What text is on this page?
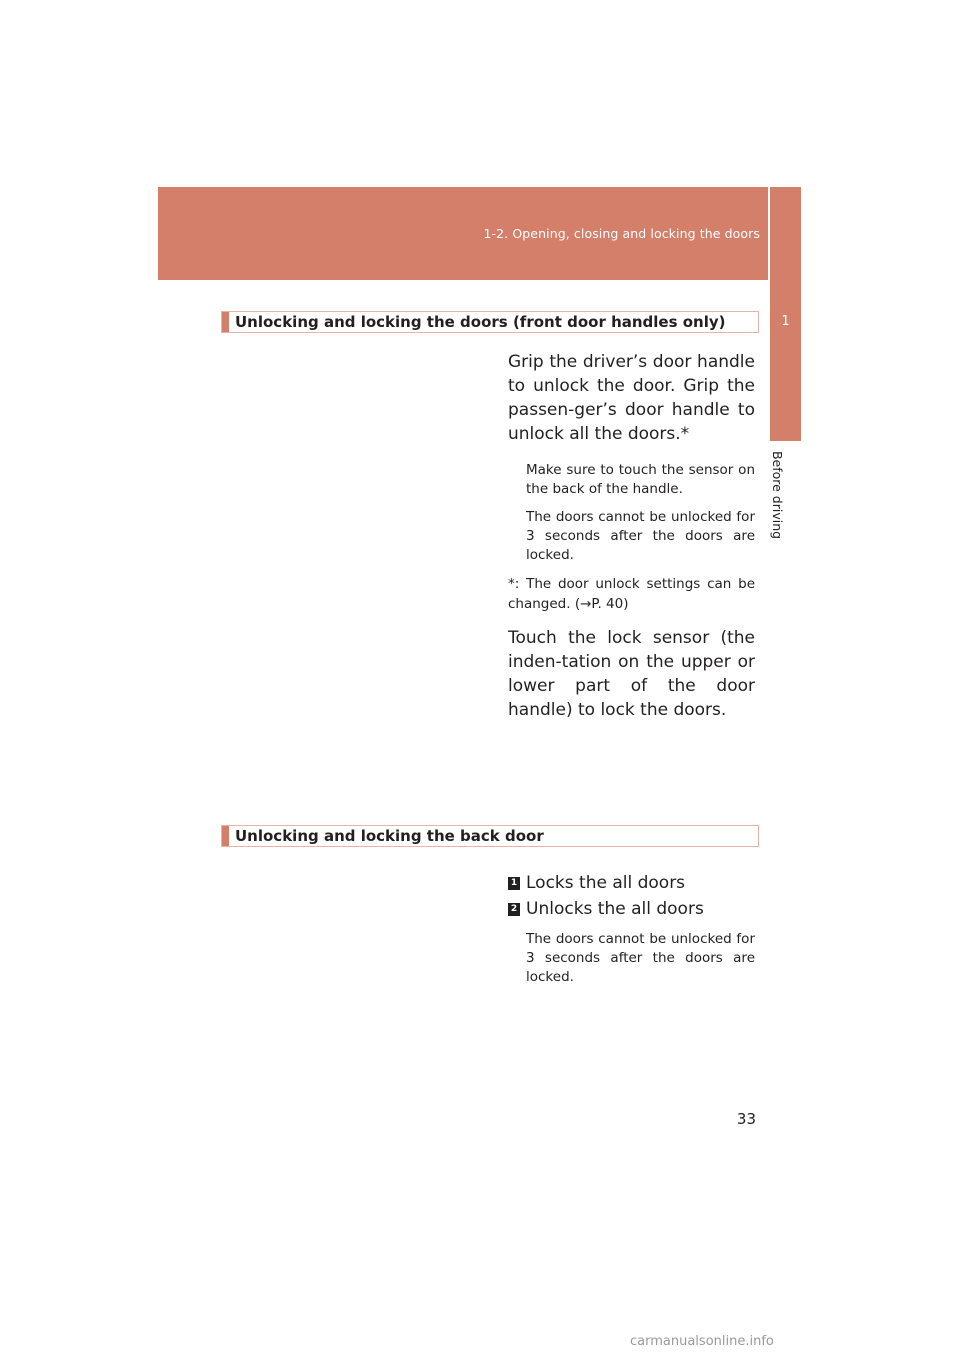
1-2. Opening, closing and locking the doors
1
Before driving
Unlocking and locking the doors (front door handles only)
Grip the driver’s door handle to unlock the door. Grip the passen-ger’s door handle to unlock all the doors.*
Make sure to touch the sensor on the back of the handle.
The doors cannot be unlocked for 3 seconds after the doors are locked.
*: The door unlock settings can be changed. (→P. 40)
Touch the lock sensor (the inden-tation on the upper or lower part of the door handle) to lock the doors.
Unlocking and locking the back door
1 Locks the all doors
2 Unlocks the all doors
The doors cannot be unlocked for 3 seconds after the doors are locked.
33
carmanualsonline.info
